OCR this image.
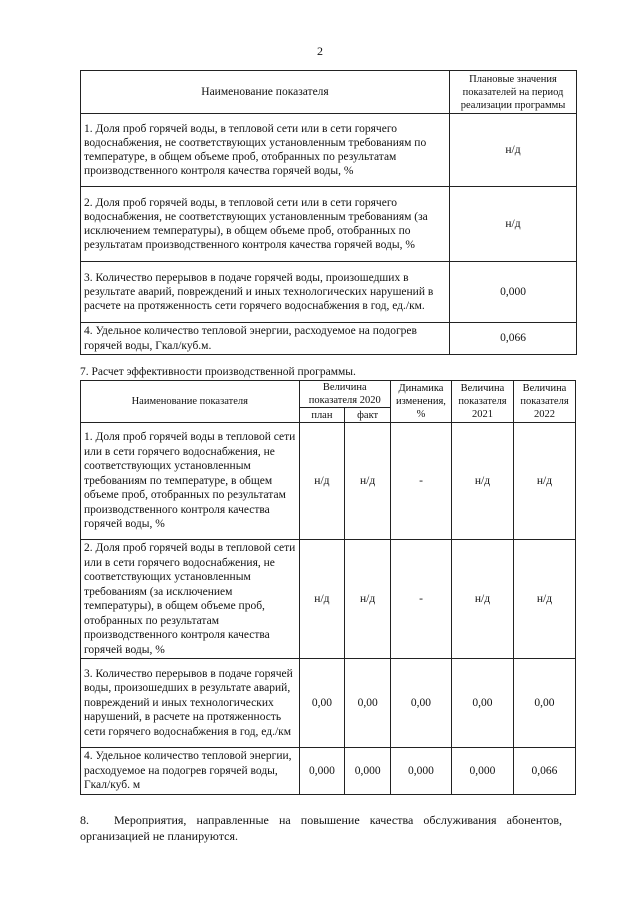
2
Наименование показателя	Плановые значения показателей на период реализации программы
1. Доля проб горячей воды, в тепловой сети или в сети горячего водоснабжения, не соответствующих установленным требованиям по температуре, в общем объеме проб, отобранных по результатам производственного контроля качества горячей воды, %	н/д
2. Доля проб горячей воды, в тепловой сети или в сети горячего водоснабжения, не соответствующих установленным требованиям (за исключением температуры), в общем объеме проб, отобранных по результатам производственного контроля качества горячей воды, %	н/д
3. Количество перерывов в подаче горячей воды, произошедших в результате аварий, повреждений и иных технологических нарушений в расчете на протяженность сети горячего водоснабжения в год, ед./км.	0,000
4. Удельное количество тепловой энергии, расходуемое на подогрев горячей воды, Гкал/куб.м.	0,066
7. Расчет эффективности производственной программы.
Наименование показателя	Величина показателя 2020		Динамика изменения, %	Величина показателя 2021	Величина показателя 2022
	план	факт			
1. Доля проб горячей воды в тепловой сети или в сети горячего водоснабжения, не соответствующих установленным требованиям по температуре, в общем объеме проб, отобранных по результатам производственного контроля качества горячей воды, %	н/д	н/д	-	н/д	н/д
2. Доля проб горячей воды в тепловой сети или в сети горячего водоснабжения, не соответствующих установленным требованиям (за исключением температуры), в общем объеме проб, отобранных по результатам производственного контроля качества горячей воды, %	н/д	н/д	-	н/д	н/д
3. Количество перерывов в подаче горячей воды, произошедших в результате аварий, повреждений и иных технологических нарушений, в расчете на протяженность сети горячего водоснабжения в год, ед./км	0,00	0,00	0,00	0,00	0,00
4. Удельное количество тепловой энергии, расходуемое на подогрев горячей воды, Гкал/куб. м	0,000	0,000	0,000	0,000	0,066
8. Мероприятия, направленные на повышение качества обслуживания абонентов, организацией не планируются.
